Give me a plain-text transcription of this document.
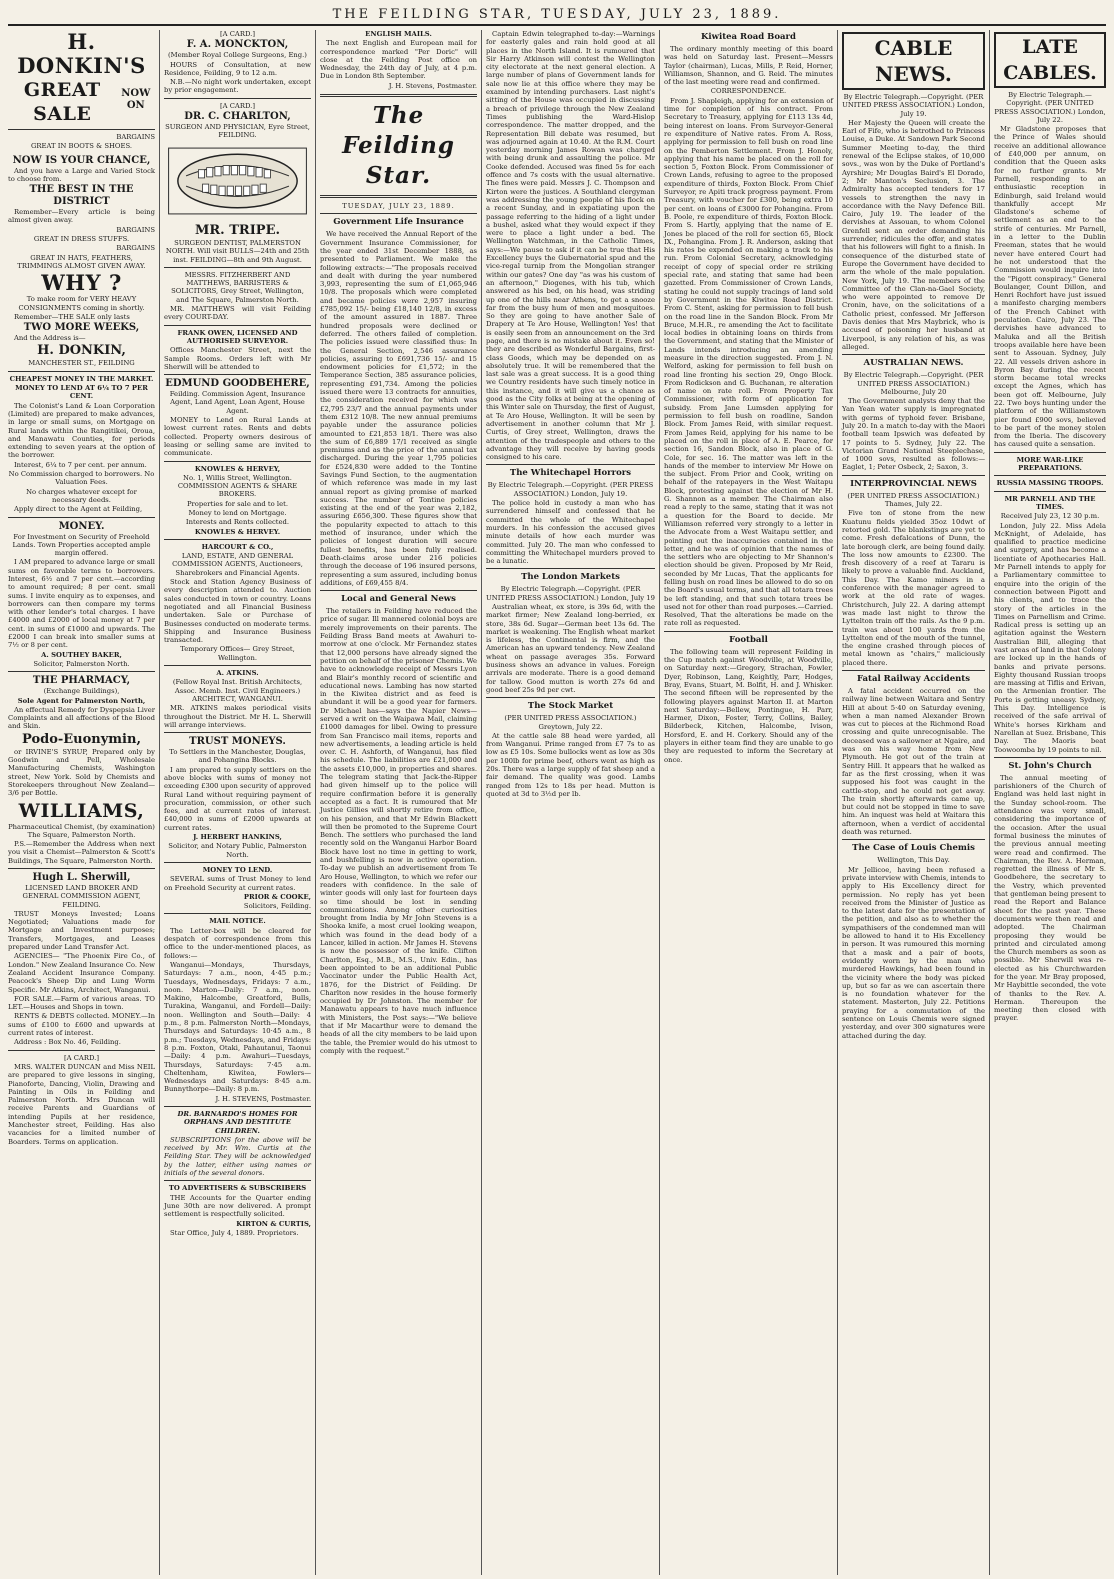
THE FEILDING STAR, TUESDAY, JULY 23, 1889.
H. DONKIN'S
GREAT SALE
NOW ON

BARGAINS

GREAT IN BOOTS & SHOES.

NOW IS YOUR CHANCE,

And you have a Large and Varied Stock to choose from.

THE BEST IN THE DISTRICT

Remember—Every article is being almost given away.

BARGAINS

GREAT IN DRESS STUFFS.

BARGAINS

GREAT IN HATS, FEATHERS, TRIMMINGS ALMOST GIVEN AWAY.

WHY ?

To make room for VERY HEAVY CONSIGNMENTS coming in shortly.

Remember—THE SALE only lasts

TWO MORE WEEKS,

And the Address is—

H. DONKIN,

MANCHESTER ST., FEILDING

CHEAPEST MONEY IN THE MARKET.

MONEY TO LEND AT 6¼ TO 7 PER CENT.

The Colonist's Land & Loan Corporation (Limited) are prepared to make advances, in large or small sums, on Mortgage on Rural lands within the Rangitikei, Oroua, and Manawatu Counties, for periods extending to seven years at the option of the borrower.

Interest, 6¼ to 7 per cent. per annum.

No Commission charged to borrowers. No Valuation Fees.

No charges whatever except for necessary deeds.

Apply direct to the Agent at Feilding,

MONEY.

For Investment on Security of Freehold Lands. Town Properties accepted ample margin offered.

I AM prepared to advance large or small sums on favorable terms to borrowers. Interest, 6½ and 7 per cent.—according to amount required; 8 per cent. small sums. I invite enquiry as to expenses, and borrowers can then compare my terms with other lender's total charges. I have £4000 and £2000 of local money at 7 per cent. in sums of £1000 and upwards. The £2000 I can break into smaller sums at 7½ or 8 per cent.

A. SOUTHEY BAKER,

Solicitor, Palmerston North.

THE PHARMACY,

(Exchange Buildings),

Sole Agent for Palmerston North,

An effectual Remedy for Dyspepsia Liver Complaints and all affections of the Blood and Skin.

Podo-Euonymin,

or IRVINE'S SYRUP, Prepared only by Goodwin and Pell, Wholesale Manufacturing Chemists, Washington street, New York. Sold by Chemists and Storekeepers throughout New Zealand—3/6 per Bottle.

WILLIAMS,

Pharmaceutical Chemist, (by examination) The Square, Palmerston North.

P.S.—Remember the Address when next you visit a Chemist—Palmerston & Scott's Buildings, The Square, Palmerston North.

Hugh L. Sherwill,

LICENSED LAND BROKER AND GENERAL COMMISSION AGENT, FEILDING.

TRUST Moneys Invested; Loans Negotiated; Valuations made for Mortgage and Investment purposes; Transfers, Mortgages, and Leases prepared under Land Transfer Act.

AGENCIES— "The Phoenix Fire Co., of London." New Zealand Insurance Co. New Zealand Accident Insurance Company. Peacock's Sheep Dip and Lung Worm Specific. Mr Atkins, Architect, Wanganui.

FOR SALE.—Farm of various areas. TO LET.—Houses and Shops in town.

RENTS & DEBTS collected. MONEY.—In sums of £100 to £600 and upwards at current rates of interest.

Address : Box No. 46, Feilding.

[A CARD.]

MRS. WALTER DUNCAN and Miss NEIL are prepared to give lessons in singing, Pianoforte, Dancing, Violin, Drawing and Painting in Oils in Feilding and Palmerston North. Mrs Duncan will receive Parents and Guardians of intending Pupils at her residence, Manchester street, Feilding. Has also vacancies for a limited number of Boarders. Terms on application.

[A CARD.]

F. A. MONCKTON,

(Member Royal College Surgeons, Eng.)

HOURS of Consultation, at new Residence, Feilding, 9 to 12 a.m.

N.B.—No night work undertaken, except by prior engagement.

[A CARD.]

DR. C. CHARLTON,

SURGEON AND PHYSICIAN, Eyre Street, FEILDING.

MR. TRIPE.

SURGEON DENTIST, PALMERSTON NORTH. Will visit BULLS—24th and 25th inst. FEILDING—8th and 9th August.

MESSRS. FITZHERBERT AND MATTHEWS, BARRISTERS & SOLICITORS, Grey Street, Wellington, and The Square, Palmerston North.

MR. MATTHEWS will visit Feilding every COURT-DAY.

FRANK OWEN, LICENSED AND AUTHORISED SURVEYOR.

Offices Manchester Street, next the Sample Rooms. Orders left with Mr Sherwill will be attended to

EDMUND GOODBEHERE,

Feilding. Commission Agent, Insurance Agent, Land Agent, Loan Agent, House Agent.

MONEY to Lend on Rural Lands at lowest current rates. Rents and debts collected. Property owners desirous of leasing or selling same are invited to communicate.

KNOWLES & HERVEY,

No. 1, Willis Street, Wellington. COMMISSION AGENTS & SHARE BROKERS.

Properties for sale and to let.

Money to lend on Mortgage.

Interests and Rents collected.

KNOWLES & HERVEY.

HARCOURT & CO.,

LAND, ESTATE, AND GENERAL COMMISSION AGENTS, Auctioneers, Sharebrokers and Financial Agents.

Stock and Station Agency Business of every description attended to. Auction sales conducted in town or country. Loans negotiated and all Financial Business undertaken. Sale or Purchase of Businesses conducted on moderate terms. Shipping and Insurance Business transacted.

Temporary Offices— Grey Street, Wellington.

A. ATKINS.

(Fellow Royal Inst. British Architects, Assoc. Memb. Inst. Civil Engineers.) ARCHITECT, WANGANUI.

MR. ATKINS makes periodical visits throughout the District. Mr H. L. Sherwill will arrange interviews.

TRUST MONEYS.

To Settlers in the Manchester, Douglas, and Pohangina Blocks.

I am prepared to supply settlers on the above blocks with sums of money not exceeding £300 upon security of approved Rural Land without requiring payment of procuration, commission, or other such fees, and at current rates of interest. £40,000 in sums of £2000 upwards at current rates.

J. HERBERT HANKINS,

Solicitor, and Notary Public, Palmerston North.

MONEY TO LEND.

SEVERAL sums of Trust Money to lend on Freehold Security at current rates.

PRIOR & COOKE,

Solicitors, Feilding.

MAIL NOTICE.

The Letter-box will be cleared for despatch of correspondence from this office to the under-mentioned places, as follows:—

Wanganui—Mondays, Thursdays, Saturdays: 7 a.m., noon, 4·45 p.m.; Tuesdays, Wednesdays, Fridays: 7 a.m., noon. Marton—Daily: 7 a.m., noon. Makino, Halcombe, Greatford, Bulls, Turakina, Wanganui, and Fordell—Daily: noon. Wellington and South—Daily: 4 p.m., 8 p.m. Palmerston North—Mondays, Thursdays and Saturdays: 10·45 a.m., 8 p.m.; Tuesdays, Wednesdays, and Fridays: 8 p.m. Foxton, Otaki, Pahautanui, Taonui—Daily: 4 p.m. Awahuri—Tuesdays, Thursdays, Saturdays: 7·45 a.m. Cheltenham, Kiwitea, Fowlers—Wednesdays and Saturdays: 8·45 a.m. Bunnythorpe—Daily: 8 p.m.

J. H. STEVENS, Postmaster.

DR. BARNARDO'S HOMES FOR ORPHANS AND DESTITUTE CHILDREN.

SUBSCRIPTIONS for the above will be received by Mr. Wm. Curtis at the Feilding Star. They will be acknowledged by the latter, either using names or initials of the several donors.

TO ADVERTISERS & SUBSCRIBERS

THE Accounts for the Quarter ending June 30th are now delivered. A prompt settlement is respectfully solicited.

KIRTON & CURTIS,

Star Office, July 4, 1889. Proprietors.

ENGLISH MAILS.

The next English and European mail for correspondence marked "Per Doric" will close at the Feilding Post office on Wednesday, the 24th day of July, at 4 p.m. Due in London 8th September.

J. H. Stevens, Postmaster.

The Feilding Star.

TUESDAY, JULY 23, 1889.

Government Life Insurance

We have received the Annual Report of the Government Insurance Commissioner, for the year ended 31st December 1888, as presented to Parliament. We make the following extracts:—"The proposals received and dealt with during the year numbered 3,993, representing the sum of £1,065,946 10/8. The proposals which were completed and became policies were 2,957 insuring £785,092 15/- being £18,140 12/8, in excess of the amount assured in 1887. Three hundred proposals were declined or deferred. The others failed of completion. The policies issued were classified thus: In the General Section, 2,546 assurance policies, assuring to £691,736 15/- and 15 endowment policies for £1,572; in the Temperance Section, 385 assurance policies, representing £91,734. Among the policies issued there were 13 contracts for annuities, the consideration received for which was £2,795 23/7 and the annual payments under them £312 10/8. The new annual premiums payable under the assurance policies amounted to £21,853 18/1. There was also the sum of £6,889 17/1 received as single premiums and as the price of the annual tax discharged. During the year 1,795 policies for £524,830 were added to the Tontine Savings Fund Section, to the augmentation of which reference was made in my last annual report as giving promise of marked success. The number of Tontine policies existing at the end of the year was 2,182, assuring £656,300. These figures show that the popularity expected to attach to this method of insurance, under which the policies of longest duration will secure fullest benefits, has been fully realised. Death-claims arose under 216 policies through the decease of 196 insured persons, representing a sum assured, including bonus additions, of £69,455 8/4.

Local and General News

The retailers in Feilding have reduced the price of sugar. Ill mannered colonial boys are merely improvements on their parents. The Feilding Brass Band meets at Awahuri to-morrow at one o'clock. Mr Fernandez states that 12,000 persons have already signed the petition on behalf of the prisoner Chemis. We have to acknowledge receipt of Messrs Lyon and Blair's monthly record of scientific and educational news. Lambing has now started in the Kiwitea district and as feed is abundant it will be a good year for farmers. Dr Michael has—says the Napier News—served a writ on the Waipawa Mail, claiming £1000 damages for libel. Owing to pressure from San Francisco mail items, reports and new advertisements, a leading article is held over. C. H. Ashforth, of Wanganui, has filed his schedule. The liabilities are £21,000 and the assets £10,000, in properties and shares. The telegram stating that Jack-the-Ripper had given himself up to the police will require confirmation before it is generally accepted as a fact. It is rumoured that Mr Justice Gillies will shortly retire from office, on his pension, and that Mr Edwin Blackett will then be promoted to the Supreme Court Bench. The settlers who purchased the land recently sold on the Wanganui Harbor Board Block have lost no time in getting to work, and bushfelling is now in active operation. To-day we publish an advertisement from Te Aro House, Wellington, to which we refer our readers with confidence. In the sale of winter goods will only last for fourteen days so time should be lost in sending communications. Among other curiosities brought from India by Mr John Stevens is a Shooka knife, a most cruel looking weapon, which was found in the dead body of a Lancer, killed in action. Mr James H. Stevens is now the possessor of the knife. Clifton Charlton, Esq., M.B., M.S., Univ. Edin., has been appointed to be an additional Public Vaccinator under the Public Health Act, 1876, for the District of Feilding. Dr Charlton now resides in the house formerly occupied by Dr Johnston. The member for Manawatu appears to have much influence with Ministers, the Post says:—"We believe that if Mr Macarthur were to demand the heads of all the city members to be laid upon the table, the Premier would do his utmost to comply with the request."

Captain Edwin telegraphed to-day:—Warnings for easterly gales and rain hold good at all places in the North Island. It is rumoured that Sir Harry Atkinson will contest the Wellington city electorate at the next general election. A large number of plans of Government lands for sale now lie at this office where they may be examined by intending purchasers. Last night's sitting of the House was occupied in discussing a breach of privilege through the New Zealand Times publishing the Ward-Hislop correspondence. The matter dropped, and the Representation Bill debate was resumed, but was adjourned again at 10.40. At the R.M. Court yesterday morning James Rowan was charged with being drunk and assaulting the police. Mr Cooke defended. Accused was fined 5s for each offence and 7s costs with the usual alternative. The fines were paid. Messrs J. C. Thompson and Kirton were the justices. A Southland clergyman was addressing the young people of his flock on a recent Sunday, and in expatiating upon the passage referring to the hiding of a light under a bushel, asked what they would expect if they were to place a light under a bed. The Wellington Watchman, in the Catholic Times, says:—We pause to ask if it can be true that His Excellency buys the Gubernatorial spud and the vice-regal turnip from the Mongolian stranger within our gates? One day "as was his custom of an afternoon," Diogenes, with his tub, which answered as his bed, on his head, was striding up one of the hills near Athens, to get a snooze far from the busy hum of men and mosquitoes. So they are going to have another Sale of Drapery at Te Aro House, Wellington! Yes! that is easily seen from an announcement on the 3rd page, and there is no mistake about it. Even so! they are described as Wonderful Bargains, first-class Goods, which may be depended on as absolutely true. It will be remembered that the last sale was a great success. It is a good thing we Country residents have such timely notice in this instance, and it will give us a chance as good as the City folks at being at the opening of this Winter sale on Thursday, the first of August, at Te Aro House, Wellington. It will be seen by advertisement in another column that Mr J. Curtis, of Grey street, Wellington, draws the attention of the tradespeople and others to the advantage they will receive by having goods consigned to his care.

The Whitechapel Horrors

By Electric Telegraph.—Copyright. (PER PRESS ASSOCIATION.) London, July 19.

The police hold in custody a man who has surrendered himself and confessed that he committed the whole of the Whitechapel murders. In his confession the accused gives minute details of how each murder was committed. July 20. The man who confessed to committing the Whitechapel murders proved to be a lunatic.

The London Markets

By Electric Telegraph.—Copyright. (PER UNITED PRESS ASSOCIATION.) London, July 19

Australian wheat, ex store, is 39s 6d, with the market firmer; New Zealand long-berried, ex store, 38s 6d. Sugar—German beet 13s 6d. The market is weakening. The English wheat market is lifeless, the Continental is firm, and the American has an upward tendency. New Zealand wheat on passage averages 35s. Forward business shows an advance in values. Foreign arrivals are moderate. There is a good demand for tallow. Good mutton is worth 27s 6d and good beef 25s 9d per cwt.

The Stock Market

(PER UNITED PRESS ASSOCIATION.) Greytown, July 22.

At the cattle sale 88 head were yarded, all from Wanganui. Prime ranged from £7 7s to as low as £5 10s. Some bullocks went as low as 30s per 100lb for prime beef, others went as high as 20s. There was a large supply of fat sheep and a fair demand. The quality was good. Lambs ranged from 12s to 18s per head. Mutton is quoted at 3d to 3½d per lb.

Kiwitea Road Board

The ordinary monthly meeting of this board was held on Saturday last. Present—Messrs Taylor (chairman), Lucas, Mills, P. Reid, Horner, Williamson, Shannon, and G. Reid. The minutes of the last meeting were read and confirmed.

CORRESPONDENCE.

From J. Shapleigh, applying for an extension of time for completion of his contract. From Secretary to Treasury, applying for £113 13s 4d, being interest on loans. From Surveyor-General re expenditure of Native rates. From A. Ross, applying for permission to fell bush on road line on the Pemberton Settlement. From J. Honoly, applying that his name be placed on the roll for section 5, Foxton Block. From Commissioner of Crown Lands, refusing to agree to the proposed expenditure of thirds, Foxton Block. From Chief Surveyor, re Apiti track progress payment. From Treasury, with voucher for £300, being extra 10 per cent. on loans of £3000 for Pohangina. From B. Poole, re expenditure of thirds, Foxton Block. From S. Hartly, applying that the name of E. Jones be placed of the roll for section 65, Block IX., Pohangina. From J. R. Anderson, asking that his rates be expended on making a track to his run. From Colonial Secretary, acknowledging receipt of copy of special order re striking special rate, and stating that same had been gazetted. From Commissioner of Crown Lands, stating he could not supply tracings of land sold by Government in the Kiwitea Road District. From C. Stent, asking for permission to fell bush on the road line in the Sandon Block. From Mr Bruce, M.H.R., re amending the Act to facilitate local bodies in obtaining loans on thirds from the Government, and stating that the Minister of Lands intends introducing an amending measure in the direction suggested. From J. N. Welford, asking for permission to fell bush on road line fronting his section 29, Ongo Block. From Rodickson and G. Buchanan, re alteration of name on rate roll. From Property Tax Commissioner, with form of application for subsidy. From Jane Lumsden applying for permission to fell bush on roadline, Sandon Block. From James Reid, with similar request. From James Reid, applying for his name to be placed on the roll in place of A. E. Pearce, for section 16, Sandon Block, also in place of G. Cole, for sec. 16. The matter was left in the hands of the member to interview Mr Howe on the subject. From Prior and Cook, writing on behalf of the ratepayers in the West Waitapu Block, protesting against the election of Mr H. G. Shannon as a member. The Chairman also read a reply to the same, stating that it was not a question for the Board to decide. Mr Williamson referred very strongly to a letter in the Advocate from a West Waitapu settler, and pointing out the inaccuracies contained in the letter, and he was of opinion that the names of the settlers who are objecting to Mr Shannon's election should be given. Proposed by Mr Reid, seconded by Mr Lucas, That the applicants for felling bush on road lines be allowed to do so on the Board's usual terms, and that all totara trees be left standing, and that such totara trees be used not for other than road purposes.—Carried. Resolved, That the alterations be made on the rate roll as requested.

Football

The following team will represent Feilding in the Cup match against Woodville, at Woodville, on Saturday next:—Gregory, Strachan, Fowler, Dyer, Robinson, Lang, Keightly, Parr, Hodges, Bray, Evans, Stuart, M. Bolfit, H. and J. Whisker. The second fifteen will be represented by the following players against Marton II. at Marton next Saturday:—Bellew, Pontingue, H. Parr, Harmer, Dixon, Foster, Terry, Collins, Bailey, Bilderbeck, Kitchen, Halcombe, Ivison, Horsford, E. and H. Corkery. Should any of the players in either team find they are unable to go they are requested to inform the Secretary at once.

CABLE NEWS.

By Electric Telegraph.—Copyright. (PER UNITED PRESS ASSOCIATION.) London, July 19.

Her Majesty the Queen will create the Earl of Fife, who is betrothed to Princess Louise, a Duke. At Sandown Park Second Summer Meeting to-day, the third renewal of the Eclipse stakes, of 10,000 sovs., was won by the Duke of Portland's Ayrshire; Mr Douglas Baird's El Dorado, 2; Mr Manton's Seclusion, 3. The Admiralty has accepted tenders for 17 vessels to strengthen the navy in accordance with the Navy Defence Bill. Cairo, July 19. The leader of the dervishes at Assouan, to whom Colonel Grenfell sent an order demanding his surrender, ridicules the offer, and states that his followers will fight to a finish. In consequence of the disturbed state of Europe the Government have decided to arm the whole of the male population. New York, July 19. The members of the Committee of the Clan-na-Gael Society, who were appointed to remove Dr Cronin, have, on the solicitations of a Catholic priest, confessed. Mr Jefferson Davis denies that Mrs Maybrick, who is accused of poisoning her husband at Liverpool, is any relation of his, as was alleged.

AUSTRALIAN NEWS.

By Electric Telegraph.—Copyright. (PER UNITED PRESS ASSOCIATION.) Melbourne, July 20

The Government analysts deny that the Yan Yean water supply is impregnated with germs of typhoid fever. Brisbane, July 20. In a match to-day with the Maori football team Ipswich was defeated by 17 points to 5. Sydney, July 22. The Victorian Grand National Steeplechase, of 1000 sovs, resulted as follows:—Eaglet, 1; Peter Osbeck, 2; Saxon, 3.

INTERPROVINCIAL NEWS

(PER UNITED PRESS ASSOCIATION.) Thames, July 22.

Five ton of stone from the new Kuatunu fields yielded 35oz 10dwt of retorted gold. The blankstings are yet to come. Fresh defalcations of Dunn, the late borough clerk, are being found daily. The loss now amounts to £2300. The fresh discovery of a reef at Tararu is likely to prove a valuable find. Auckland, This Day. The Kamo miners in a conference with the manager agreed to work at the old rate of wages. Christchurch, July 22. A daring attempt was made last night to throw the Lyttelton train off the rails. As the 9 p.m. train was about 100 yards from the Lyttelton end of the mouth of the tunnel, the engine crashed through pieces of metal known as "chairs," maliciously placed there.

Fatal Railway Accidents

A fatal accident occurred on the railway line between Waitara and Sentry Hill at about 5·40 on Saturday evening, when a man named Alexander Brown was cut to pieces at the Richmond Road crossing and quite unrecognisable. The deceased was a sailowner at Ngaire, and was on his way home from New Plymouth. He got out of the train at Sentry Hill. It appears that he walked as far as the first crossing, when it was supposed his foot was caught in the cattle-stop, and he could not get away. The train shortly afterwards came up, but could not be stopped in time to save him. An inquest was held at Waitara this afternoon, when a verdict of accidental death was returned.

The Case of Louis Chemis

Wellington, This Day.

Mr Jellicoe, having been refused a private interview with Chemis, intends to apply to His Excellency direct for permission. No reply has yet been received from the Minister of Justice as to the latest date for the presentation of the petition, and also as to whether the sympathisers of the condemned man will be allowed to hand it to His Excellency in person. It was rumoured this morning that a mask and a pair of boots, evidently worn by the man who murdered Hawkings, had been found in the vicinity where the body was picked up, but so far as we can ascertain there is no foundation whatever for the statement. Masterton, July 22. Petitions praying for a commutation of the sentence on Louis Chemis were signed yesterday, and over 300 signatures were attached during the day.

LATE CABLES.

By Electric Telegraph.—Copyright. (PER UNITED PRESS ASSOCIATION.) London, July 22.

Mr Gladstone proposes that the Prince of Wales should receive an additional allowance of £40,000 per annum, on condition that the Queen asks for no further grants. Mr Parnell, responding to an enthusiastic reception in Edinburgh, said Ireland would thankfully accept Mr Gladstone's scheme of settlement as an end to the strife of centuries. Mr Parnell, in a letter to the Dublin Freeman, states that he would never have entered Court had he not understood that the Commission would inquire into the "Pigott conspiracy." General Boulanger, Count Dillon, and Henri Rochfort have just issued a manifesto charging members of the French Cabinet with peculation. Cairo, July 23. The dervishes have advanced to Maluka and all the British troops available here have been sent to Assouan. Sydney, July 22. All vessels driven ashore in Byron Bay during the recent storm became total wrecks except the Agnes, which has been got off. Melbourne, July 22. Two boys hunting under the platform of the Williamstown pier found £900 sovs, believed to be part of the money stolen from the Iberia. The discovery has caused quite a sensation.

MORE WAR-LIKE PREPARATIONS.

RUSSIA MASSING TROOPS.

MR PARNELL AND THE TIMES.

Received July 23, 12 30 p.m.

London, July 22. Miss Adela McKnight, of Adelaide, has qualified to practice medicine and surgery, and has become a licentiate of Apothecaries Hall. Mr Parnell intends to apply for a Parliamentary committee to enquire into the origin of the connection between Pigott and his clients, and to trace the story of the articles in the Times on Parnellism and Crime. Radical press is setting up an agitation against the Western Australian Bill, alleging that vast areas of land in that Colony are locked up in the hands of banks and private persons. Eighty thousand Russian troops are massing at Tiflis and Erivan, on the Armenian frontier. The Porte is getting uneasy. Sydney, This Day. Intelligence is received of the safe arrival of White's horses Kirkham and Narellan at Suez. Brisbane, This Day. The Maoris beat Toowoomba by 19 points to nil.

St. John's Church

The annual meeting of parishioners of the Church of England was held last night in the Sunday school-room. The attendance was very small, considering the importance of the occasion. After the usual formal business the minutes of the previous annual meeting were read and confirmed. The Chairman, the Rev. A. Herman, regretted the illness of Mr S. Goodbehere, the secretary to the Vestry, which prevented that gentleman being present to read the Report and Balance sheet for the past year. These documents were then read and adopted. The Chairman proposing they would be printed and circulated among the Church members as soon as possible. Mr Sherwill was re-elected as his Churchwarden for the year. Mr Bray proposed, Mr Haybittle seconded, the vote of thanks to the Rev. A. Herman. Thereupon the meeting then closed with prayer.
